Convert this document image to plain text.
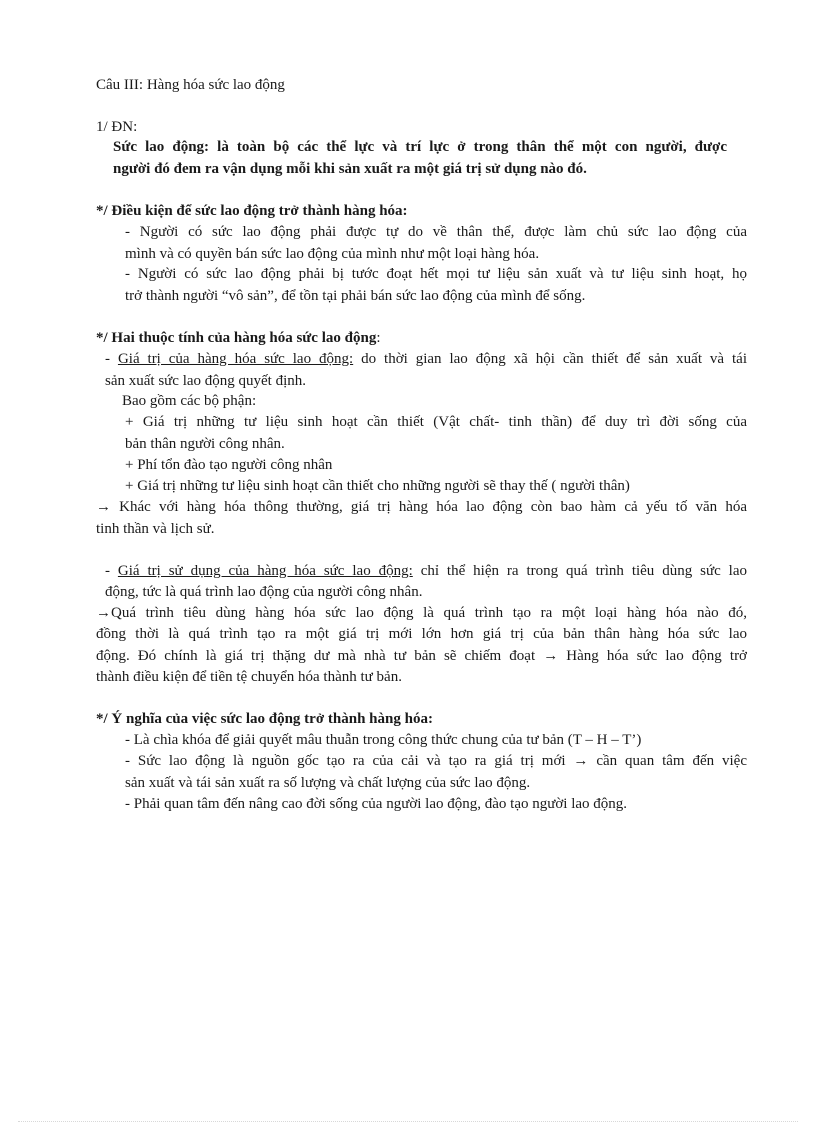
Câu III: Hàng hóa sức lao động
1/ ĐN:
Sức lao động: là toàn bộ các thể lực và trí lực ở trong thân thể một con người, được
người đó đem ra vận dụng mỗi khi sản xuất ra một giá trị sử dụng nào đó.
*/ Điều kiện để sức lao động trở thành hàng hóa:
- Người có sức lao động phải được tự do về thân thể, được làm chủ sức lao động của
mình và có quyền bán sức lao động của mình như một loại hàng hóa.
- Người có sức lao động phải bị tước đoạt hết mọi tư liệu sản xuất và tư liệu sinh hoạt, họ
trở thành người “vô sản”, để tồn tại phải bán sức lao động của mình để sống.
*/ Hai thuộc tính của hàng hóa sức lao động:
- Giá trị của hàng hóa sức lao động: do thời gian lao động xã hội cần thiết để sản xuất và tái
sản xuất sức lao động quyết định.
Bao gồm các bộ phận:
+ Giá trị những tư liệu sinh hoạt cần thiết (Vật chất- tinh thần) để duy trì đời sống của
bản thân người công nhân.
+ Phí tổn đào tạo người công nhân
+ Giá trị những tư liệu sinh hoạt cần thiết cho những người sẽ thay thế ( người thân)
→ Khác với hàng hóa thông thường, giá trị hàng hóa lao động còn bao hàm cả yếu tố văn hóa
tinh thần và lịch sử.
- Giá trị sử dụng của hàng hóa sức lao động: chỉ thể hiện ra trong quá trình tiêu dùng sức lao
động, tức là quá trình lao động của người công nhân.
→Quá trình tiêu dùng hàng hóa sức lao động là quá trình tạo ra một loại hàng hóa nào đó,
đồng thời là quá trình tạo ra một giá trị mới lớn hơn giá trị của bản thân hàng hóa sức lao
động. Đó chính là giá trị thặng dư mà nhà tư bản sẽ chiếm đoạt → Hàng hóa sức lao động trở
thành điều kiện để tiền tệ chuyển hóa thành tư bản.
*/ Ý nghĩa của việc sức lao động trở thành hàng hóa:
- Là chìa khóa để giải quyết mâu thuẫn trong công thức chung của tư bản (T – H – T’)
- Sức lao động là nguồn gốc tạo ra của cải và tạo ra giá trị mới → cần quan tâm đến việc
sản xuất và tái sản xuất ra số lượng và chất lượng của sức lao động.
- Phải quan tâm đến nâng cao đời sống của người lao động, đào tạo người lao động.
